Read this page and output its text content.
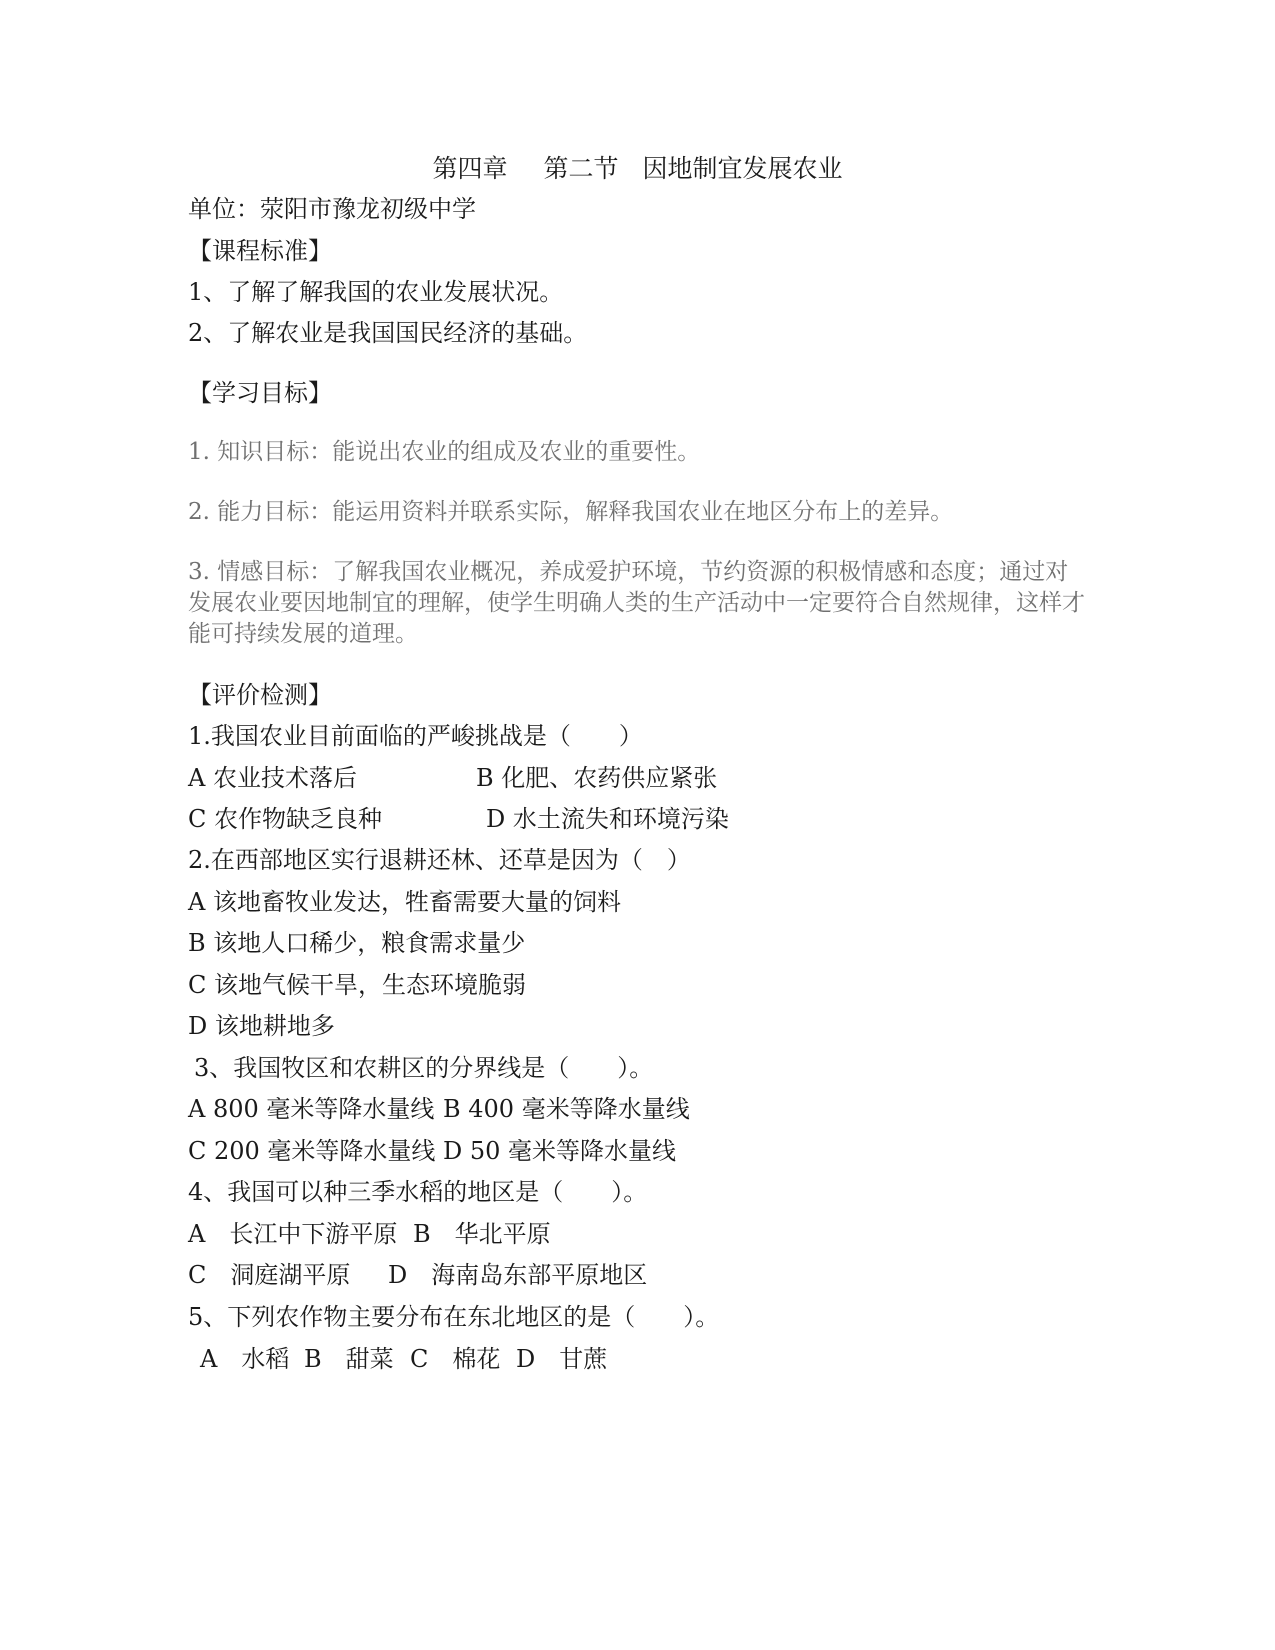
第四章 第二节 因地制宜发展农业
单位：荥阳市豫龙初级中学
【课程标准】
1、了解了解我国的农业发展状况。
2、了解农业是我国国民经济的基础。
【学习目标】
1. 知识目标：能说出农业的组成及农业的重要性。
2. 能力目标：能运用资料并联系实际，解释我国农业在地区分布上的差异。
3. 情感目标：了解我国农业概况，养成爱护环境，节约资源的积极情感和态度；通过对发展农业要因地制宜的理解，使学生明确人类的生产活动中一定要符合自然规律，这样才能可持续发展的道理。
【评价检测】
1.我国农业目前面临的严峻挑战是（　　）
A 农业技术落后	B 化肥、农药供应紧张
C 农作物缺乏良种	D 水土流失和环境污染
2.在西部地区实行退耕还林、还草是因为（　）
A 该地畜牧业发达，牲畜需要大量的饲料
B 该地人口稀少，粮食需求量少
C 该地气候干旱，生态环境脆弱
D 该地耕地多
3、我国牧区和农耕区的分界线是（　　）。
A 800 毫米等降水量线 B 400 毫米等降水量线
C 200 毫米等降水量线 D 50 毫米等降水量线
4、我国可以种三季水稻的地区是（　　）。
A　长江中下游平原 B　华北平原
C　洞庭湖平原 D　海南岛东部平原地区
5、下列农作物主要分布在东北地区的是（　　）。
A　水稻 B　甜菜 C　棉花 D　甘蔗
